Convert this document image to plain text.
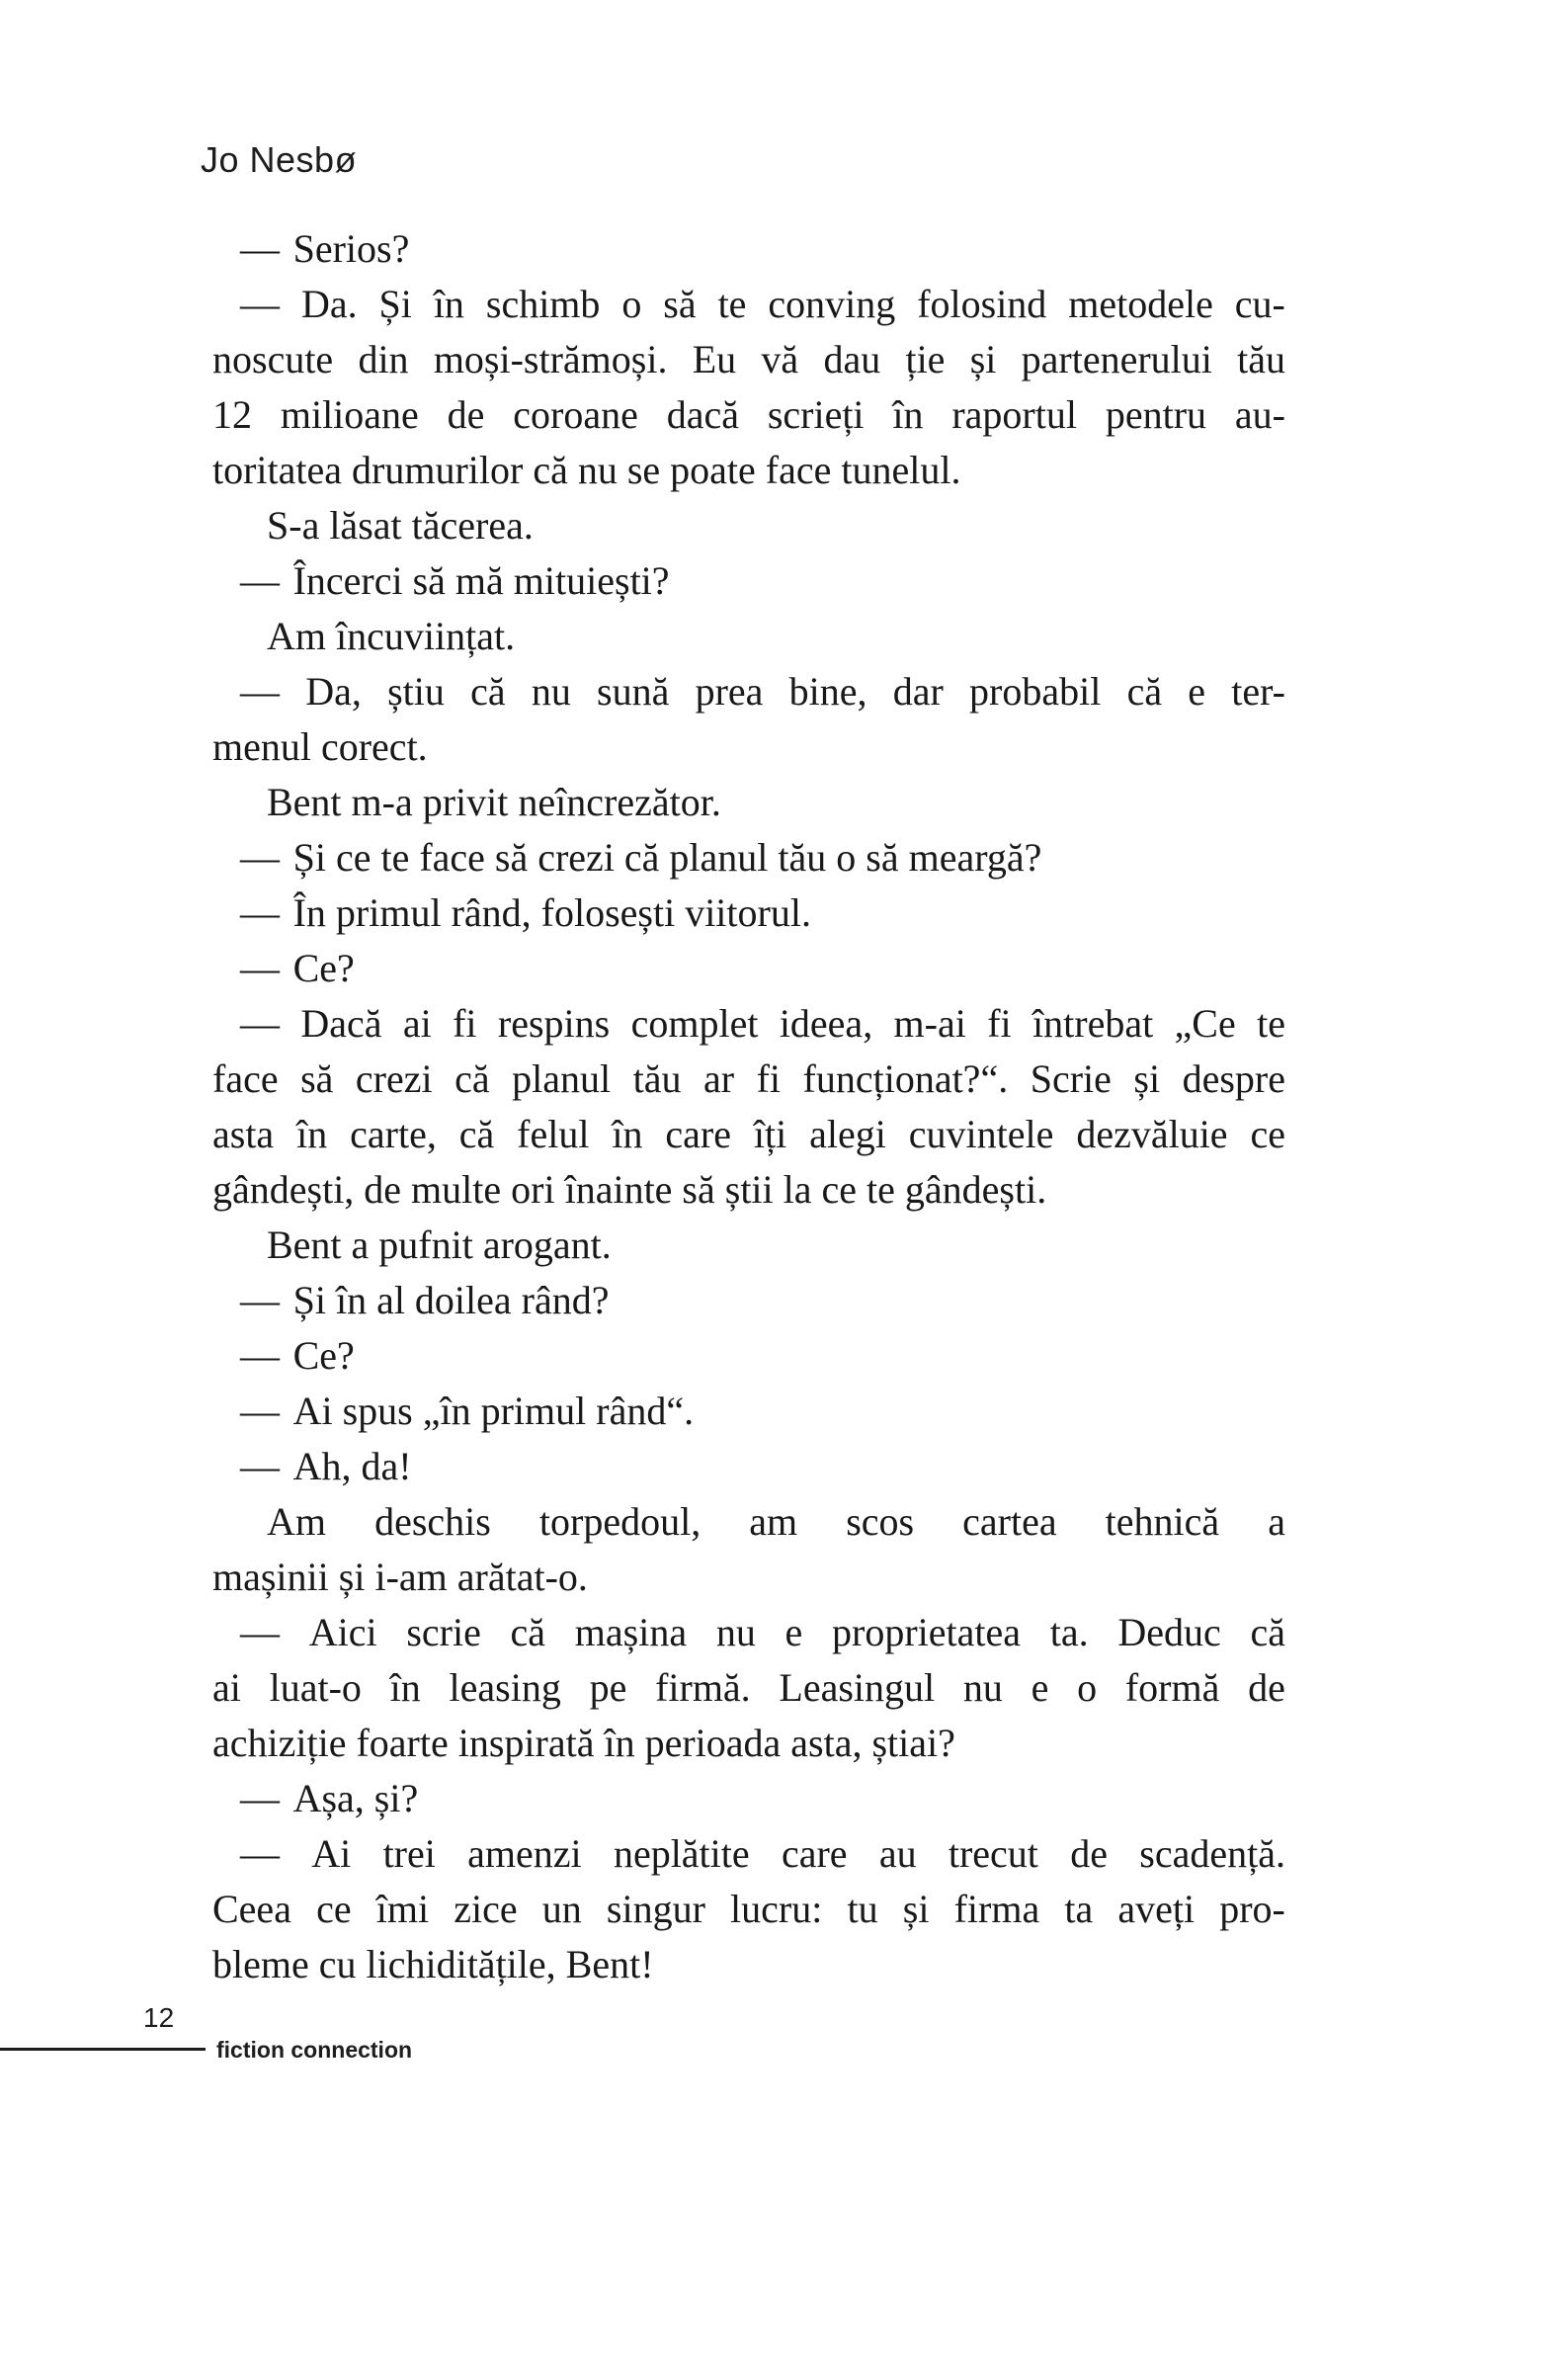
Jo Nesbø
— Serios?
— Da. Și în schimb o să te conving folosind metodele cu-
noscute din moși-strămoși. Eu vă dau ție și partenerului tău
12 milioane de coroane dacă scrieți în raportul pentru au-
toritatea drumurilor că nu se poate face tunelul.
S-a lăsat tăcerea.
— Încerci să mă mituiești?
Am încuviințat.
— Da, știu că nu sună prea bine, dar probabil că e ter-
menul corect.
Bent m-a privit neîncrezător.
— Și ce te face să crezi că planul tău o să meargă?
— În primul rând, folosești viitorul.
— Ce?
— Dacă ai fi respins complet ideea, m-ai fi întrebat „Ce te
face să crezi că planul tău ar fi funcționat?“. Scrie și despre
asta în carte, că felul în care îți alegi cuvintele dezvăluie ce
gândești, de multe ori înainte să știi la ce te gândești.
Bent a pufnit arogant.
— Și în al doilea rând?
— Ce?
— Ai spus „în primul rând“.
— Ah, da!
Am deschis torpedoul, am scos cartea tehnică a
mașinii și i-am arătat-o.
— Aici scrie că mașina nu e proprietatea ta. Deduc că
ai luat-o în leasing pe firmă. Leasingul nu e o formă de
achiziție foarte inspirată în perioada asta, știai?
— Așa, și?
— Ai trei amenzi neplătite care au trecut de scadență.
Ceea ce îmi zice un singur lucru: tu și firma ta aveți pro-
bleme cu lichiditățile, Bent!
12
fiction connection
